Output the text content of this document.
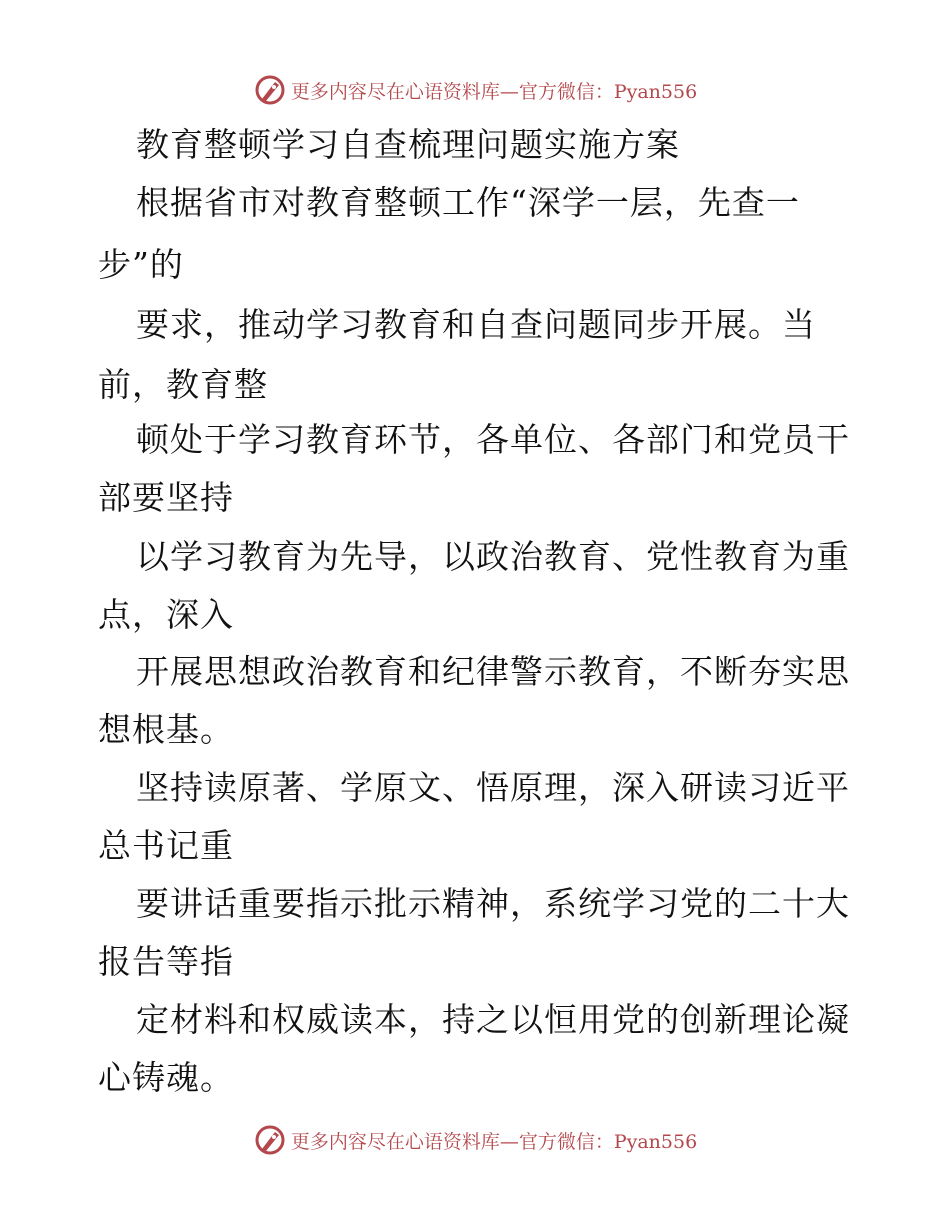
更多内容尽在心语资料库—官方微信：Pyan556
教育整顿学习自查梳理问题实施方案
根据省市对教育整顿工作“深学一层，先查一
步”的
要求，推动学习教育和自查问题同步开展。当
前，教育整
顿处于学习教育环节，各单位、各部门和党员干
部要坚持
以学习教育为先导，以政治教育、党性教育为重
点，深入
开展思想政治教育和纪律警示教育，不断夯实思
想根基。
坚持读原著、学原文、悟原理，深入研读习近平
总书记重
要讲话重要指示批示精神，系统学习党的二十大
报告等指
定材料和权威读本，持之以恒用党的创新理论凝
心铸魂。
更多内容尽在心语资料库—官方微信：Pyan556
